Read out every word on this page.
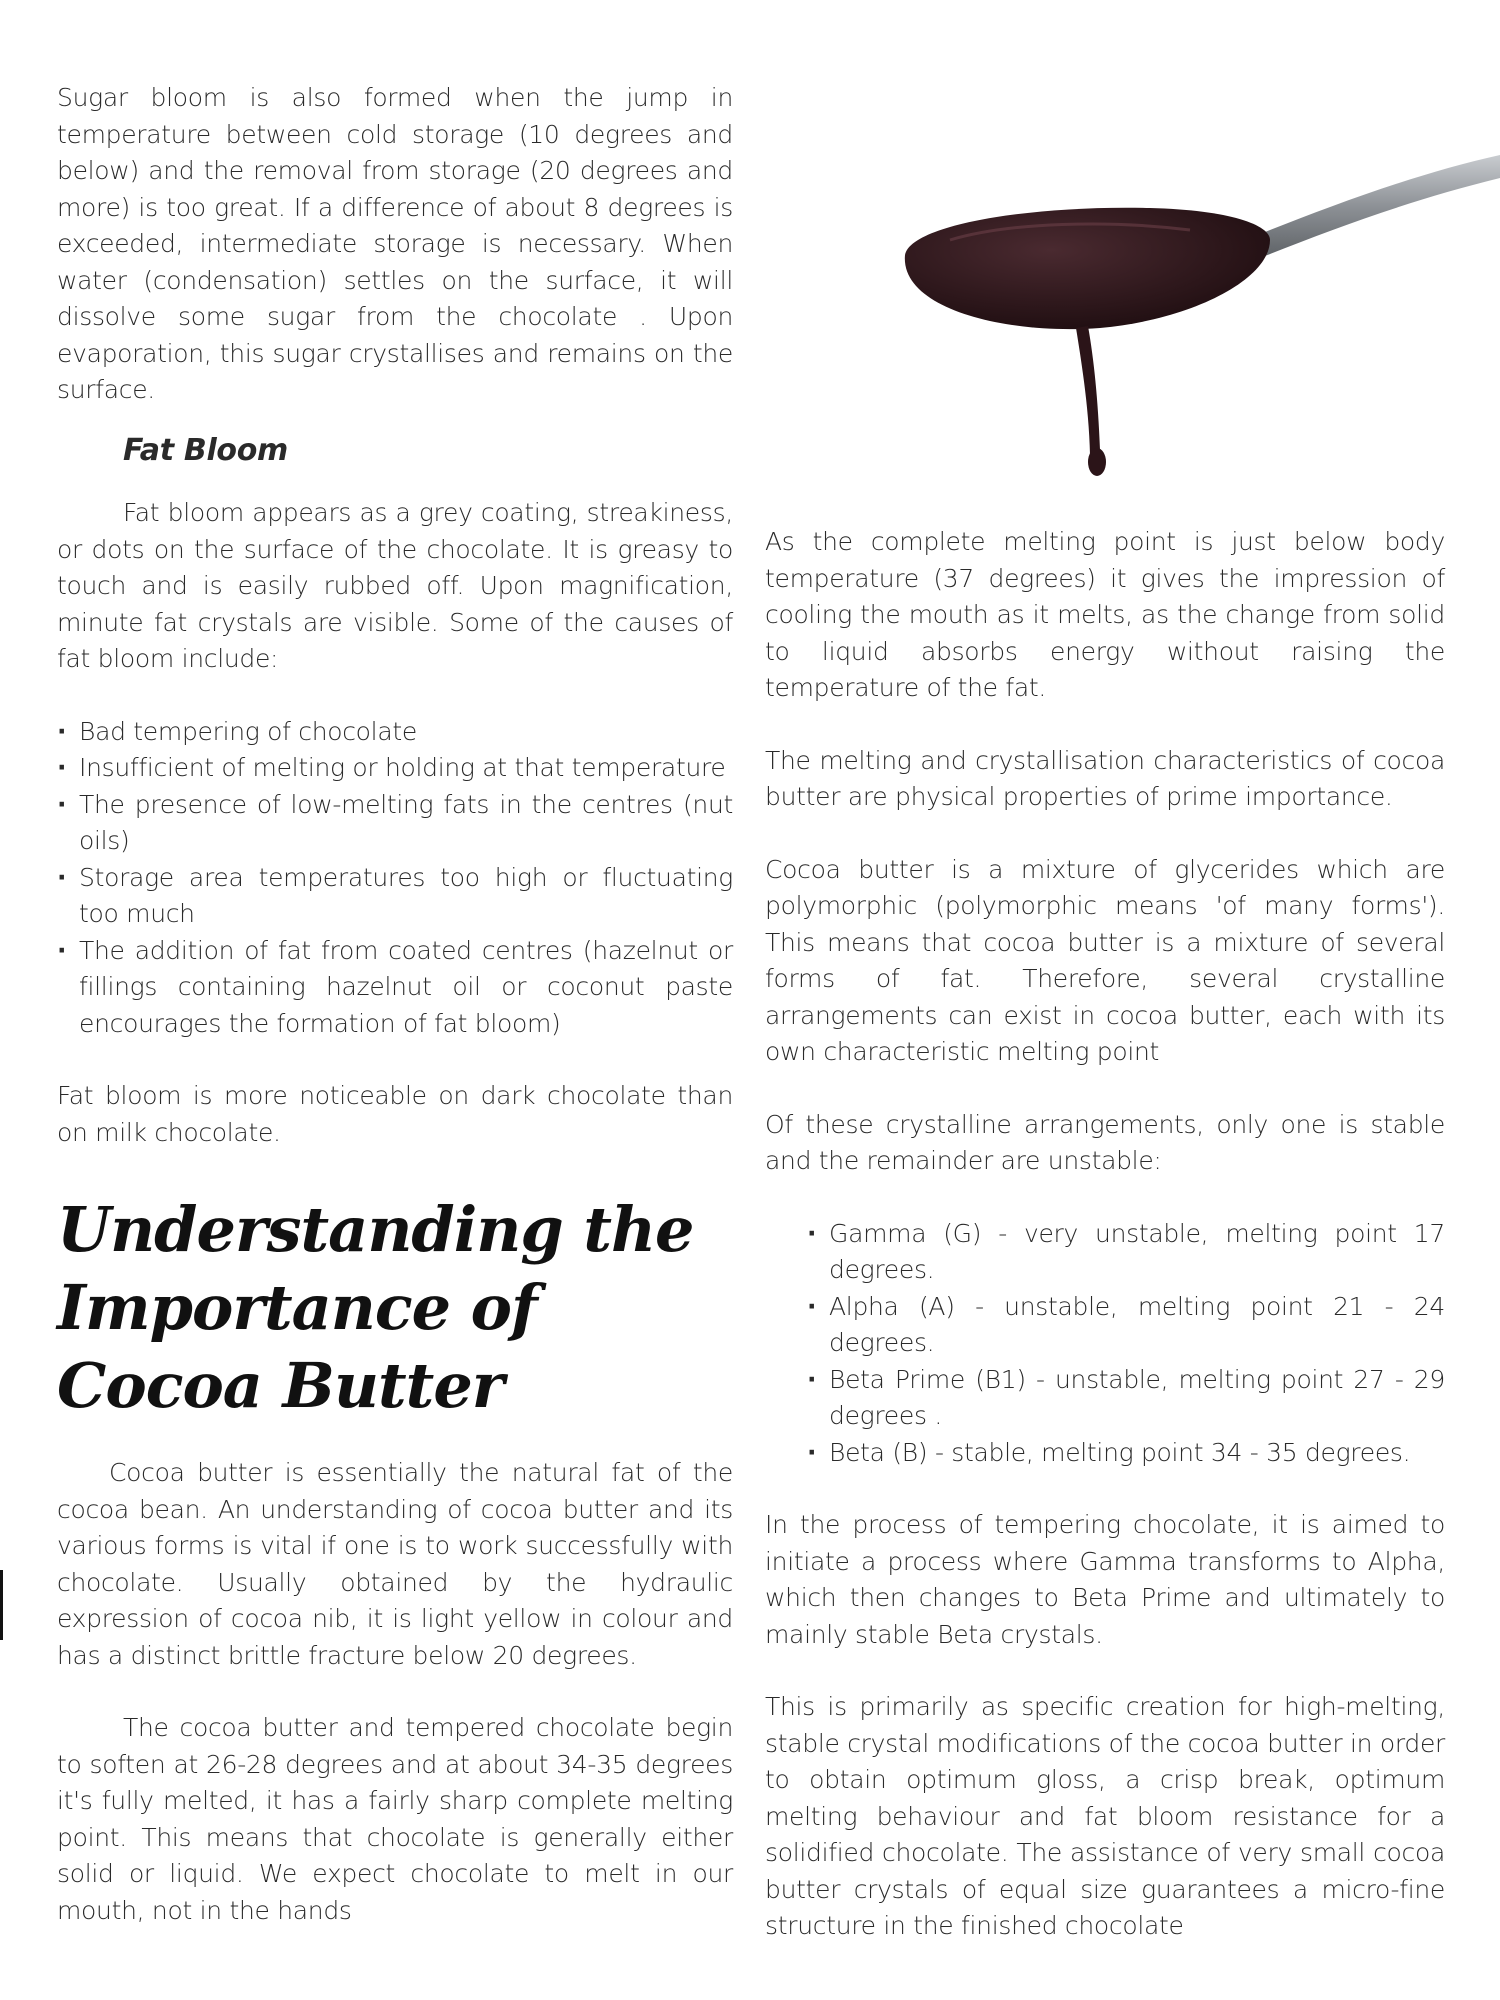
Sugar bloom is also formed when the jump in temperature between cold storage (10 degrees and below) and the removal from storage (20 degrees and more) is too great. If a difference of about 8 degrees is exceeded, intermediate storage is necessary. When water (condensation) settles on the surface, it will dissolve some sugar from the chocolate . Upon evaporation, this sugar crystallises and remains on the surface.

Fat Bloom

Fat bloom appears as a grey coating, streakiness, or dots on the surface of the chocolate. It is greasy to touch and is easily rubbed off. Upon magnification, minute fat crystals are visible. Some of the causes of fat bloom include:

· Bad tempering of chocolate
· Insufficient of melting or holding at that temperature
· The presence of low-melting fats in the centres (nut oils)
· Storage area temperatures too high or fluctuating too much
· The addition of fat from coated centres (hazelnut or fillings containing hazelnut oil or coconut paste encourages the formation of fat bloom)

Fat bloom is more noticeable on dark chocolate than on milk chocolate.

Understanding the Importance of Cocoa Butter

Cocoa butter is essentially the natural fat of the cocoa bean. An understanding of cocoa butter and its various forms is vital if one is to work successfully with chocolate. Usually obtained by the hydraulic expression of cocoa nib, it is light yellow in colour and has a distinct brittle fracture below 20 degrees.

The cocoa butter and tempered chocolate begin to soften at 26-28 degrees and at about 34-35 degrees it's fully melted, it has a fairly sharp complete melting point. This means that chocolate is generally either solid or liquid. We expect chocolate to melt in our mouth, not in the hands

As the complete melting point is just below body temperature (37 degrees) it gives the impression of cooling the mouth as it melts, as the change from solid to liquid absorbs energy without raising the temperature of the fat.

The melting and crystallisation characteristics of cocoa butter are physical properties of prime importance.

Cocoa butter is a mixture of glycerides which are polymorphic (polymorphic means 'of many forms'). This means that cocoa butter is a mixture of several forms of fat. Therefore, several crystalline arrangements can exist in cocoa butter, each with its own characteristic melting point

Of these crystalline arrangements, only one is stable and the remainder are unstable:

· Gamma (G) - very unstable, melting point 17 degrees.
· Alpha (A) - unstable, melting point 21 - 24 degrees.
· Beta Prime (B1) - unstable, melting point 27 - 29 degrees .
· Beta (B) - stable, melting point 34 - 35 degrees.

In the process of tempering chocolate, it is aimed to initiate a process where Gamma transforms to Alpha, which then changes to Beta Prime and ultimately to mainly stable Beta crystals.

This is primarily as specific creation for high-melting, stable crystal modifications of the cocoa butter in order to obtain optimum gloss, a crisp break, optimum melting behaviour and fat bloom resistance for a solidified chocolate. The assistance of very small cocoa butter crystals of equal size guarantees a micro-fine structure in the finished chocolate
